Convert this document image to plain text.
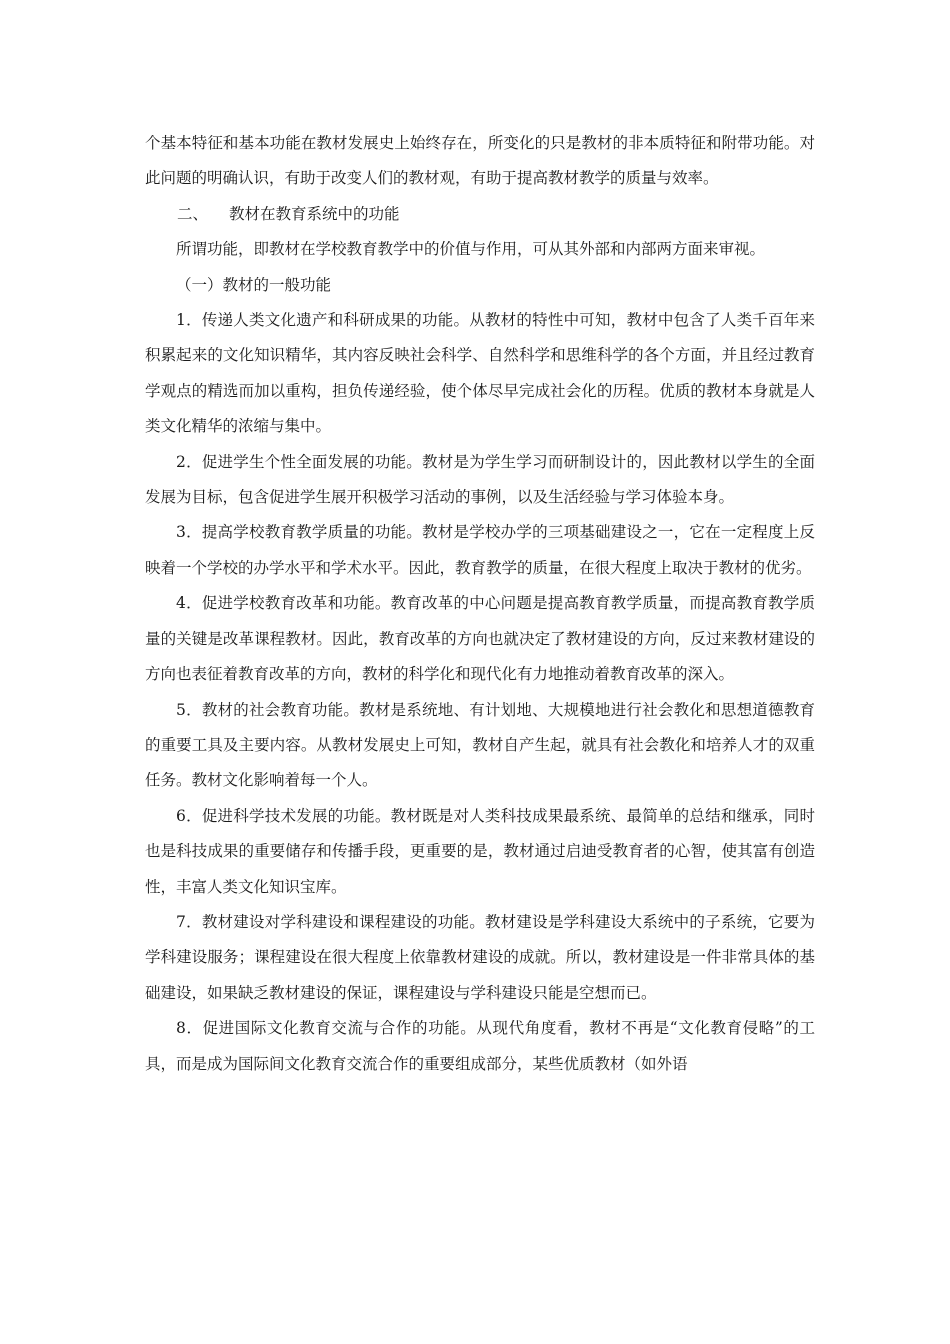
个基本特征和基本功能在教材发展史上始终存在，所变化的只是教材的非本质特征和附带功能。对此问题的明确认识，有助于改变人们的教材观，有助于提高教材教学的质量与效率。

二、 教材在教育系统中的功能

所谓功能，即教材在学校教育教学中的价值与作用，可从其外部和内部两方面来审视。

（一）教材的一般功能

1．传递人类文化遗产和科研成果的功能。从教材的特性中可知，教材中包含了人类千百年来积累起来的文化知识精华，其内容反映社会科学、自然科学和思维科学的各个方面，并且经过教育学观点的精选而加以重构，担负传递经验，使个体尽早完成社会化的历程。优质的教材本身就是人类文化精华的浓缩与集中。

2．促进学生个性全面发展的功能。教材是为学生学习而研制设计的，因此教材以学生的全面发展为目标，包含促进学生展开积极学习活动的事例，以及生活经验与学习体验本身。

3．提高学校教育教学质量的功能。教材是学校办学的三项基础建设之一，它在一定程度上反映着一个学校的办学水平和学术水平。因此，教育教学的质量，在很大程度上取决于教材的优劣。

4．促进学校教育改革和功能。教育改革的中心问题是提高教育教学质量，而提高教育教学质量的关键是改革课程教材。因此，教育改革的方向也就决定了教材建设的方向，反过来教材建设的方向也表征着教育改革的方向，教材的科学化和现代化有力地推动着教育改革的深入。

5．教材的社会教育功能。教材是系统地、有计划地、大规模地进行社会教化和思想道德教育的重要工具及主要内容。从教材发展史上可知，教材自产生起，就具有社会教化和培养人才的双重任务。教材文化影响着每一个人。

6．促进科学技术发展的功能。教材既是对人类科技成果最系统、最简单的总结和继承，同时也是科技成果的重要储存和传播手段，更重要的是，教材通过启迪受教育者的心智，使其富有创造性，丰富人类文化知识宝库。

7．教材建设对学科建设和课程建设的功能。教材建设是学科建设大系统中的子系统，它要为学科建设服务；课程建设在很大程度上依靠教材建设的成就。所以，教材建设是一件非常具体的基础建设，如果缺乏教材建设的保证，课程建设与学科建设只能是空想而已。

8．促进国际文化教育交流与合作的功能。从现代角度看，教材不再是“文化教育侵略”的工具，而是成为国际间文化教育交流合作的重要组成部分，某些优质教材（如外语
